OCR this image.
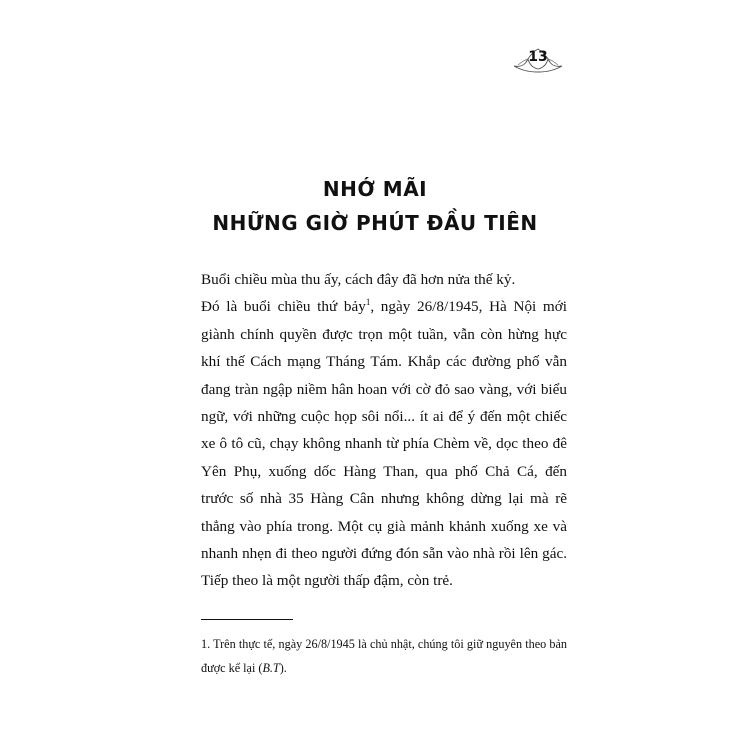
13
NHỚ MÃI
NHỮNG GIỜ PHÚT ĐẦU TIÊN

Buổi chiều mùa thu ấy, cách đây đã hơn nửa thế kỷ.

Đó là buổi chiều thứ bảy$^1$, ngày 26/8/1945, Hà Nội mới giành chính quyền được trọn một tuần, vẫn còn hừng hực khí thế Cách mạng Tháng Tám. Khắp các đường phố vẫn đang tràn ngập niềm hân hoan với cờ đỏ sao vàng, với biểu ngữ, với những cuộc họp sôi nổi... ít ai để ý đến một chiếc xe ô tô cũ, chạy không nhanh từ phía Chèm về, dọc theo đê Yên Phụ, xuống dốc Hàng Than, qua phố Chả Cá, đến trước số nhà 35 Hàng Cân nhưng không dừng lại mà rẽ thẳng vào phía trong. Một cụ già mảnh khảnh xuống xe và nhanh nhẹn đi theo người đứng đón sẵn vào nhà rồi lên gác. Tiếp theo là một người thấp đậm, còn trẻ.

1. Trên thực tế, ngày 26/8/1945 là chủ nhật, chúng tôi giữ nguyên theo bản được kể lại (B.T).
